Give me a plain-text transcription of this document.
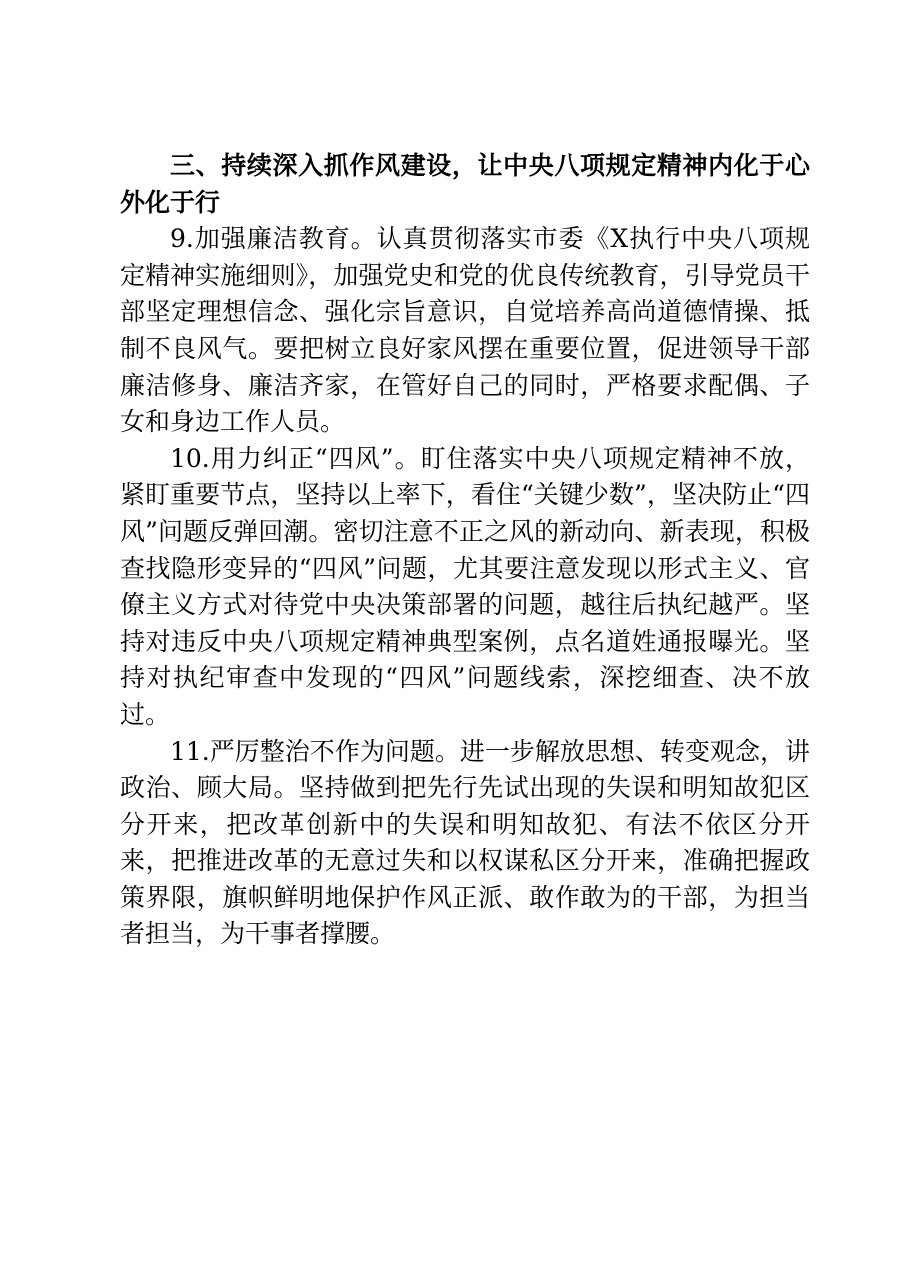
三、持续深入抓作风建设，让中央八项规定精神内化于心外化于行

9.加强廉洁教育。认真贯彻落实市委《X执行中央八项规定精神实施细则》，加强党史和党的优良传统教育，引导党员干部坚定理想信念、强化宗旨意识，自觉培养高尚道德情操、抵制不良风气。要把树立良好家风摆在重要位置，促进领导干部廉洁修身、廉洁齐家，在管好自己的同时，严格要求配偶、子女和身边工作人员。

10.用力纠正“四风”。盯住落实中央八项规定精神不放，紧盯重要节点，坚持以上率下，看住“关键少数”，坚决防止“四风”问题反弹回潮。密切注意不正之风的新动向、新表现，积极查找隐形变异的“四风”问题，尤其要注意发现以形式主义、官僚主义方式对待党中央决策部署的问题，越往后执纪越严。坚持对违反中央八项规定精神典型案例，点名道姓通报曝光。坚持对执纪审查中发现的“四风”问题线索，深挖细查、决不放过。

11.严厉整治不作为问题。进一步解放思想、转变观念，讲政治、顾大局。坚持做到把先行先试出现的失误和明知故犯区分开来，把改革创新中的失误和明知故犯、有法不依区分开来，把推进改革的无意过失和以权谋私区分开来，准确把握政策界限，旗帜鲜明地保护作风正派、敢作敢为的干部，为担当者担当，为干事者撑腰。
